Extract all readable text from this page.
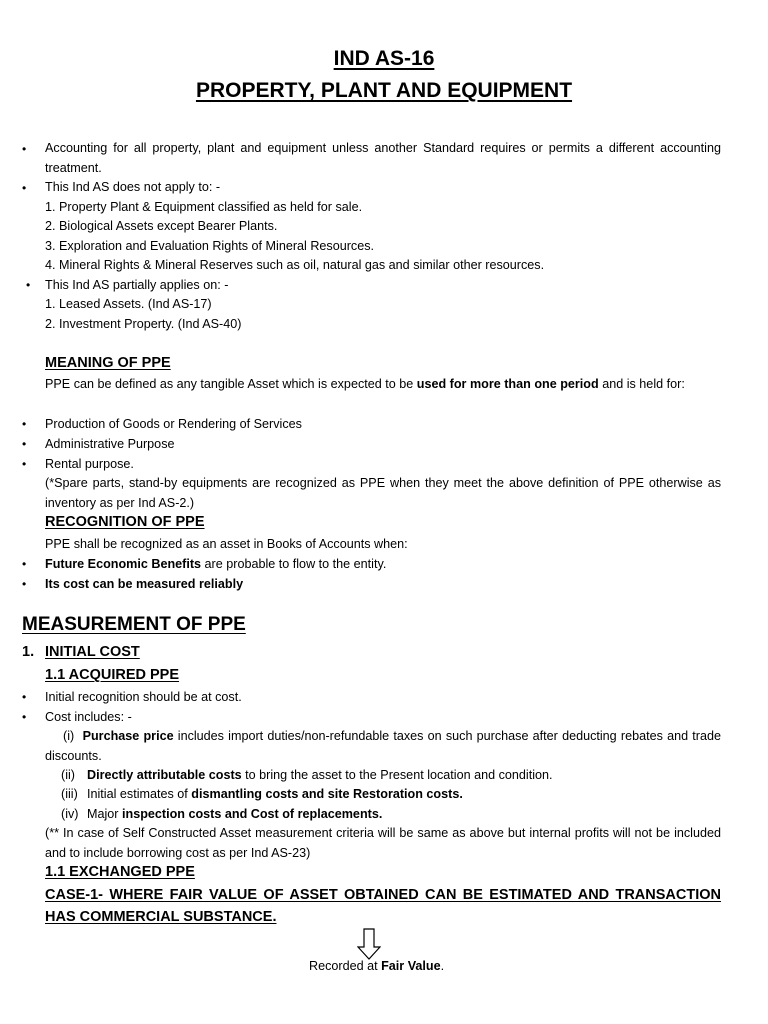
IND AS-16
PROPERTY, PLANT AND EQUIPMENT
• Accounting for all property, plant and equipment unless another Standard requires or permits a different accounting treatment.
• This Ind AS does not apply to: -
1. Property Plant & Equipment classified as held for sale.
2. Biological Assets except Bearer Plants.
3. Exploration and Evaluation Rights of Mineral Resources.
4. Mineral Rights & Mineral Reserves such as oil, natural gas and similar other resources.
• This Ind AS partially applies on: -
1. Leased Assets. (Ind AS-17)
2. Investment Property. (Ind AS-40)
MEANING OF PPE
PPE can be defined as any tangible Asset which is expected to be used for more than one period and is held for:
• Production of Goods or Rendering of Services
• Administrative Purpose
• Rental purpose.
(*Spare parts, stand-by equipments are recognized as PPE when they meet the above definition of PPE otherwise as inventory as per Ind AS-2.)
RECOGNITION OF PPE
PPE shall be recognized as an asset in Books of Accounts when:
• Future Economic Benefits are probable to flow to the entity.
• Its cost can be measured reliably
MEASUREMENT OF PPE
1. INITIAL COST
1.1 ACQUIRED PPE
• Initial recognition should be at cost.
• Cost includes: -
(i) Purchase price includes import duties/non-refundable taxes on such purchase after deducting rebates and trade discounts.
(ii) Directly attributable costs to bring the asset to the Present location and condition.
(iii) Initial estimates of dismantling costs and site Restoration costs.
(iv) Major inspection costs and Cost of replacements.
(** In case of Self Constructed Asset measurement criteria will be same as above but internal profits will not be included and to include borrowing cost as per Ind AS-23)
1.1 EXCHANGED PPE
CASE-1- WHERE FAIR VALUE OF ASSET OBTAINED CAN BE ESTIMATED AND TRANSACTION HAS COMMERCIAL SUBSTANCE.
Recorded at Fair Value.
